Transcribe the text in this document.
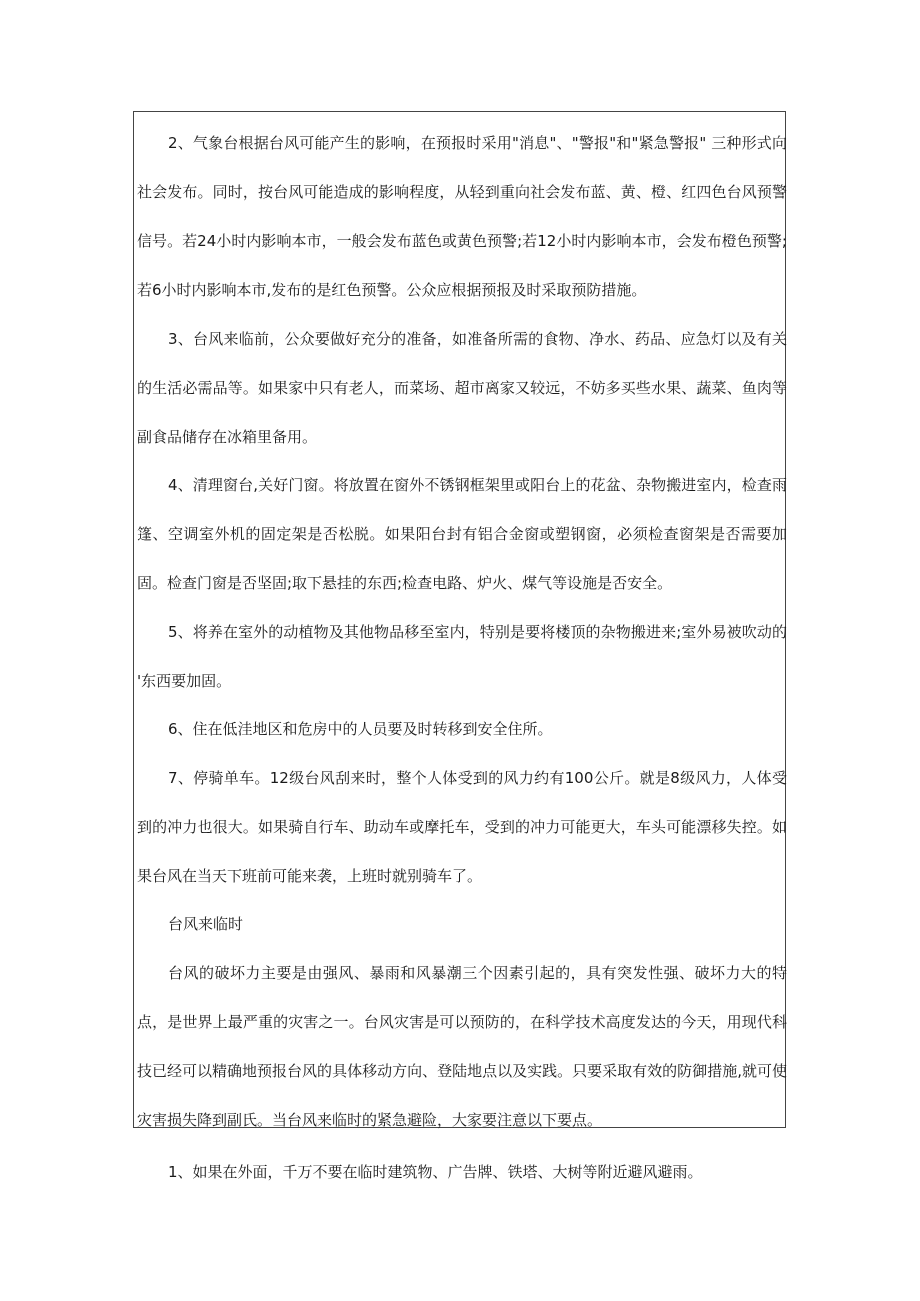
2、气象台根据台风可能产生的影响，在预报时采用"消息"、"警报"和"紧急警报" 三种形式向社会发布。同时，按台风可能造成的影响程度，从轻到重向社会发布蓝、黄、橙、红四色台风预警信号。若24小时内影响本市，一般会发布蓝色或黄色预警;若12小时内影响本市，会发布橙色预警;若6小时内影响本市,发布的是红色预警。公众应根据预报及时采取预防措施。

3、台风来临前，公众要做好充分的准备，如准备所需的食物、净水、药品、应急灯以及有关的生活必需品等。如果家中只有老人，而菜场、超市离家又较远，不妨多买些水果、蔬菜、鱼肉等副食品储存在冰箱里备用。

4、清理窗台,关好门窗。将放置在窗外不锈钢框架里或阳台上的花盆、杂物搬进室内，检查雨篷、空调室外机的固定架是否松脱。如果阳台封有铝合金窗或塑钢窗，必须检查窗架是否需要加固。检查门窗是否坚固;取下悬挂的东西;检查电路、炉火、煤气等设施是否安全。

5、将养在室外的动植物及其他物品移至室内，特别是要将楼顶的杂物搬进来;室外易被吹动的 '东西要加固。

6、住在低洼地区和危房中的人员要及时转移到安全住所。

7、停骑单车。12级台风刮来时，整个人体受到的风力约有100公斤。就是8级风力，人体受到的冲力也很大。如果骑自行车、助动车或摩托车，受到的冲力可能更大，车头可能漂移失控。如果台风在当天下班前可能来袭，上班时就别骑车了。

台风来临时

台风的破坏力主要是由强风、暴雨和风暴潮三个因素引起的，具有突发性强、破坏力大的特点，是世界上最严重的灾害之一。台风灾害是可以预防的，在科学技术高度发达的今天，用现代科技已经可以精确地预报台风的具体移动方向、登陆地点以及实践。只要采取有效的防御措施,就可使灾害损失降到副氏。当台风来临时的紧急避险，大家要注意以下要点。

1、如果在外面，千万不要在临时建筑物、广告牌、铁塔、大树等附近避风避雨。
